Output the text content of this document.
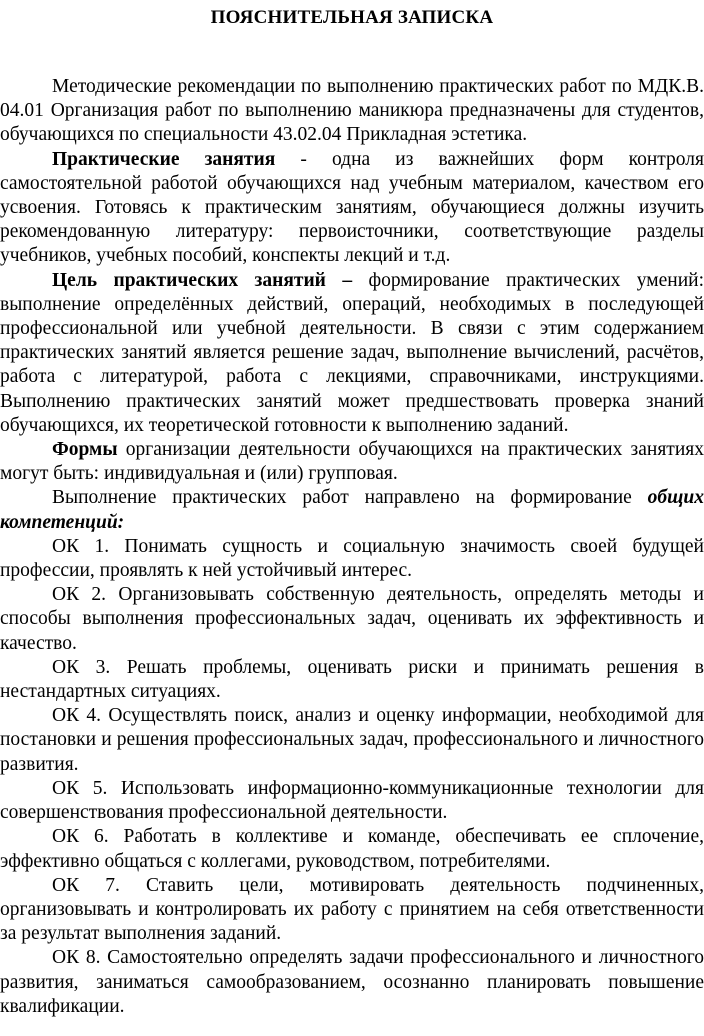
ПОЯСНИТЕЛЬНАЯ ЗАПИСКА

Методические рекомендации по выполнению практических работ по МДК.В. 04.01 Организация работ по выполнению маникюра предназначены для студентов, обучающихся по специальности 43.02.04 Прикладная эстетика.

Практические занятия - одна из важнейших форм контроля самостоятельной работой обучающихся над учебным материалом, качеством его усвоения. Готовясь к практическим занятиям, обучающиеся должны изучить рекомендованную литературу: первоисточники, соответствующие разделы учебников, учебных пособий, конспекты лекций и т.д.

Цель практических занятий – формирование практических умений: выполнение определённых действий, операций, необходимых в последующей профессиональной или учебной деятельности. В связи с этим содержанием практических занятий является решение задач, выполнение вычислений, расчётов, работа с литературой, работа с лекциями, справочниками, инструкциями. Выполнению практических занятий может предшествовать проверка знаний обучающихся, их теоретической готовности к выполнению заданий.

Формы организации деятельности обучающихся на практических занятиях могут быть: индивидуальная и (или) групповая.

Выполнение практических работ направлено на формирование общих компетенций:

ОК 1. Понимать сущность и социальную значимость своей будущей профессии, проявлять к ней устойчивый интерес.

ОК 2. Организовывать собственную деятельность, определять методы и способы выполнения профессиональных задач, оценивать их эффективность и качество.

ОК 3. Решать проблемы, оценивать риски и принимать решения в нестандартных ситуациях.

ОК 4. Осуществлять поиск, анализ и оценку информации, необходимой для постановки и решения профессиональных задач, профессионального и личностного развития.

ОК 5. Использовать информационно-коммуникационные технологии для совершенствования профессиональной деятельности.

ОК 6. Работать в коллективе и команде, обеспечивать ее сплочение, эффективно общаться с коллегами, руководством, потребителями.

ОК 7. Ставить цели, мотивировать деятельность подчиненных, организовывать и контролировать их работу с принятием на себя ответственности за результат выполнения заданий.

ОК 8. Самостоятельно определять задачи профессионального и личностного развития, заниматься самообразованием, осознанно планировать повышение квалификации.
